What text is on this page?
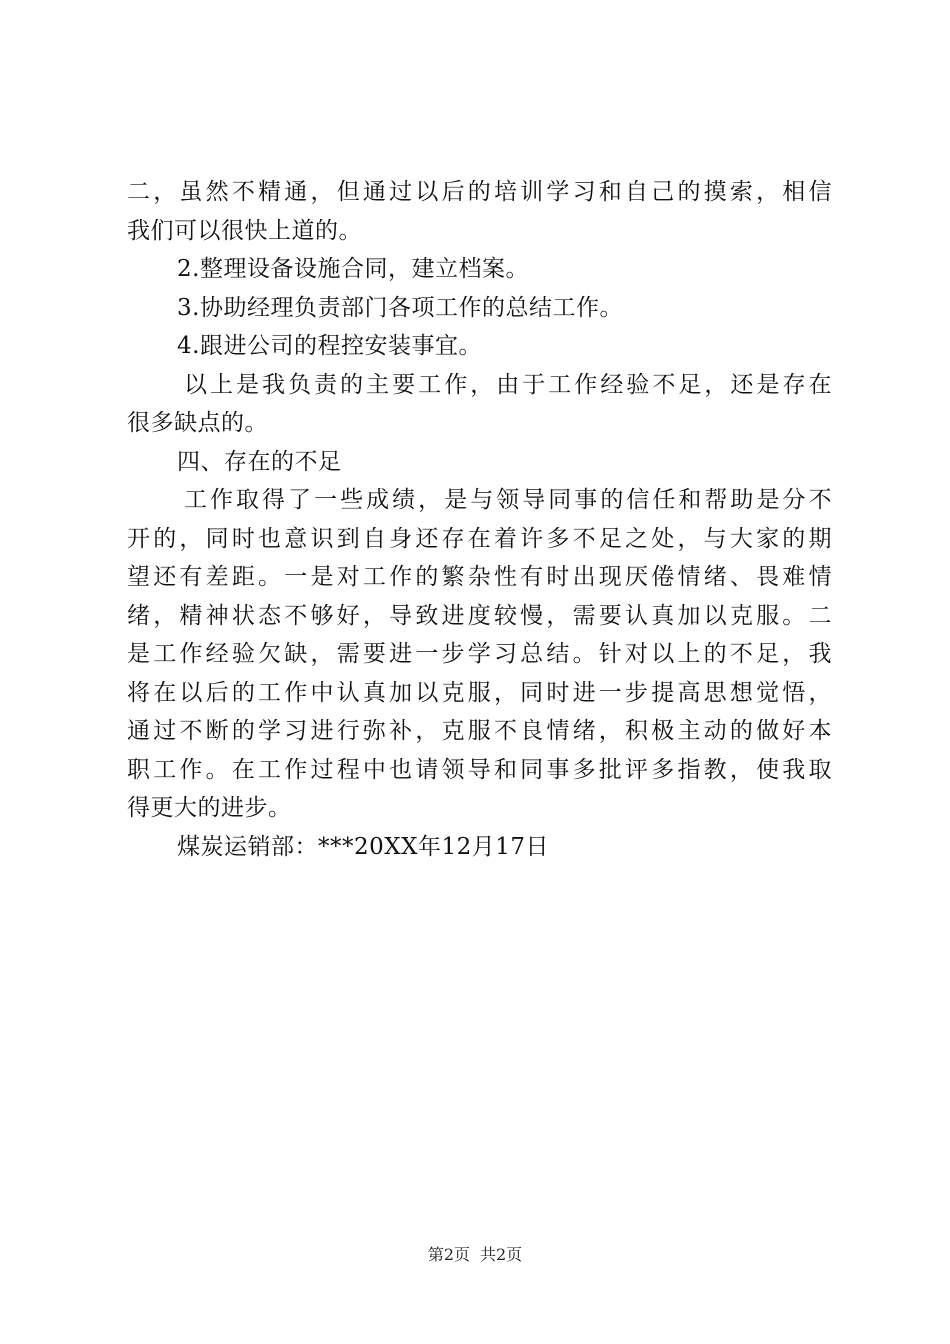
二，虽然不精通，但通过以后的培训学习和自己的摸索，相信
我们可以很快上道的。
2.整理设备设施合同，建立档案。
3.协助经理负责部门各项工作的总结工作。
4.跟进公司的程控安装事宜。
以上是我负责的主要工作，由于工作经验不足，还是存在
很多缺点的。
四、存在的不足
工作取得了一些成绩，是与领导同事的信任和帮助是分不
开的，同时也意识到自身还存在着许多不足之处，与大家的期
望还有差距。一是对工作的繁杂性有时出现厌倦情绪、畏难情
绪，精神状态不够好，导致进度较慢，需要认真加以克服。二
是工作经验欠缺，需要进一步学习总结。针对以上的不足，我
将在以后的工作中认真加以克服，同时进一步提高思想觉悟，
通过不断的学习进行弥补，克服不良情绪，积极主动的做好本
职工作。在工作过程中也请领导和同事多批评多指教，使我取
得更大的进步。
煤炭运销部：***20XX年12月17日
第2页 共2页
